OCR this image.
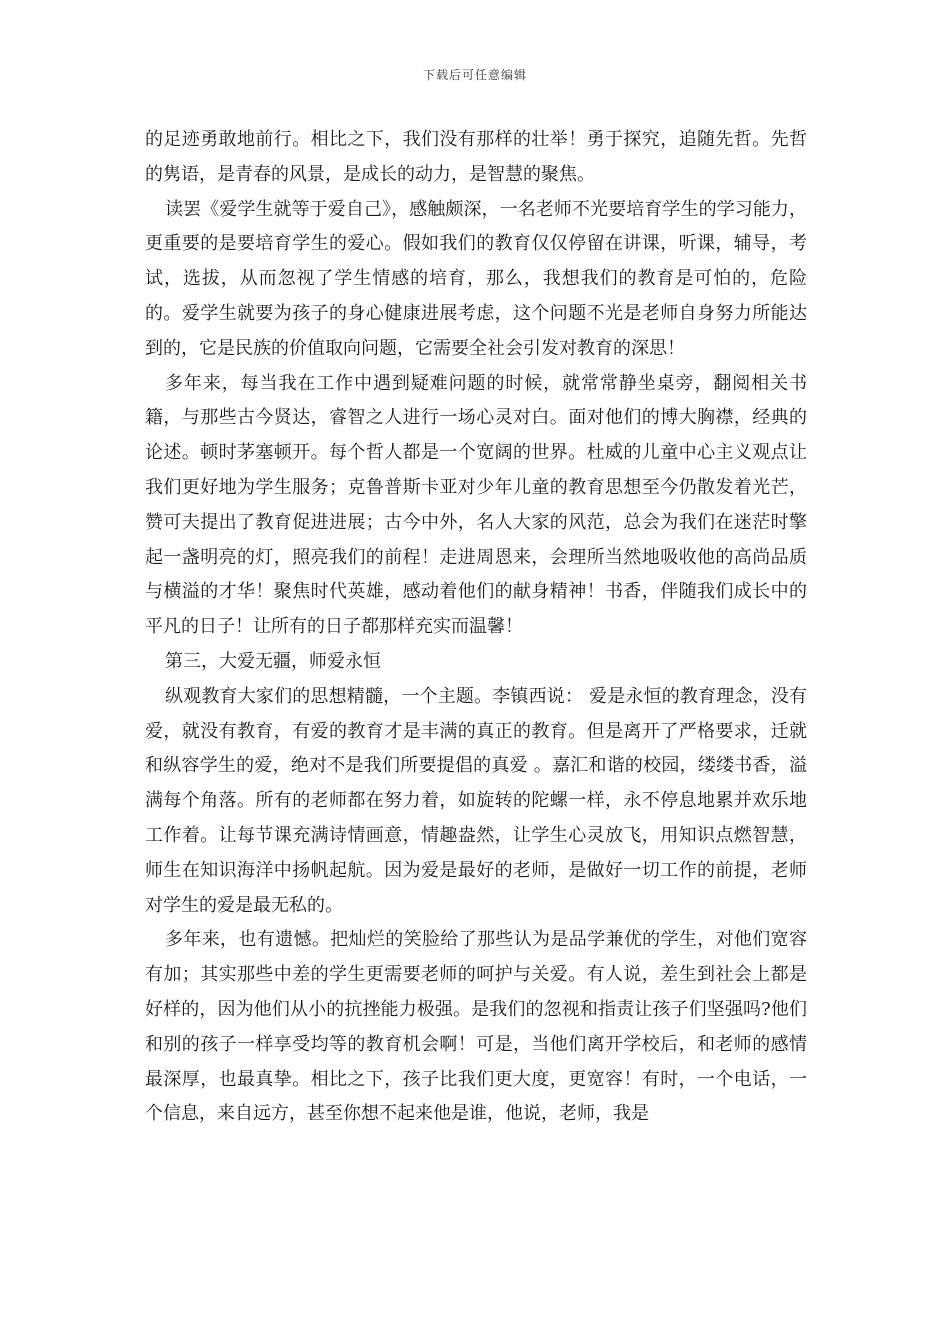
下载后可任意编辑

的足迹勇敢地前行。相比之下，我们没有那样的壮举！勇于探究，追随先哲。先哲的隽语，是青春的风景，是成长的动力，是智慧的聚焦。

读罢《爱学生就等于爱自己》，感触颇深，一名老师不光要培育学生的学习能力，更重要的是要培育学生的爱心。假如我们的教育仅仅停留在讲课，听课，辅导，考试，选拔，从而忽视了学生情感的培育，那么，我想我们的教育是可怕的，危险的。爱学生就要为孩子的身心健康进展考虑，这个问题不光是老师自身努力所能达到的，它是民族的价值取向问题，它需要全社会引发对教育的深思！

多年来，每当我在工作中遇到疑难问题的时候，就常常静坐桌旁，翻阅相关书籍，与那些古今贤达，睿智之人进行一场心灵对白。面对他们的博大胸襟，经典的论述。顿时茅塞顿开。每个哲人都是一个宽阔的世界。杜威的儿童中心主义观点让我们更好地为学生服务；克鲁普斯卡亚对少年儿童的教育思想至今仍散发着光芒，赞可夫提出了教育促进进展；古今中外，名人大家的风范，总会为我们在迷茫时擎起一盏明亮的灯，照亮我们的前程！走进周恩来，会理所当然地吸收他的高尚品质与横溢的才华！聚焦时代英雄，感动着他们的献身精神！书香，伴随我们成长中的平凡的日子！让所有的日子都那样充实而温馨！

第三，大爱无疆，师爱永恒

纵观教育大家们的思想精髓，一个主题。李镇西说： 爱是永恒的教育理念，没有爱，就没有教育，有爱的教育才是丰满的真正的教育。但是离开了严格要求，迁就和纵容学生的爱，绝对不是我们所要提倡的真爱 。嘉汇和谐的校园，缕缕书香，溢满每个角落。所有的老师都在努力着，如旋转的陀螺一样，永不停息地累并欢乐地工作着。让每节课充满诗情画意，情趣盎然，让学生心灵放飞，用知识点燃智慧，师生在知识海洋中扬帆起航。因为爱是最好的老师，是做好一切工作的前提，老师对学生的爱是最无私的。

多年来，也有遗憾。把灿烂的笑脸给了那些认为是品学兼优的学生，对他们宽容有加；其实那些中差的学生更需要老师的呵护与关爱。有人说，差生到社会上都是好样的，因为他们从小的抗挫能力极强。是我们的忽视和指责让孩子们坚强吗?他们和别的孩子一样享受均等的教育机会啊！可是，当他们离开学校后，和老师的感情最深厚，也最真挚。相比之下，孩子比我们更大度，更宽容！有时，一个电话，一个信息，来自远方，甚至你想不起来他是谁，他说，老师，我是
